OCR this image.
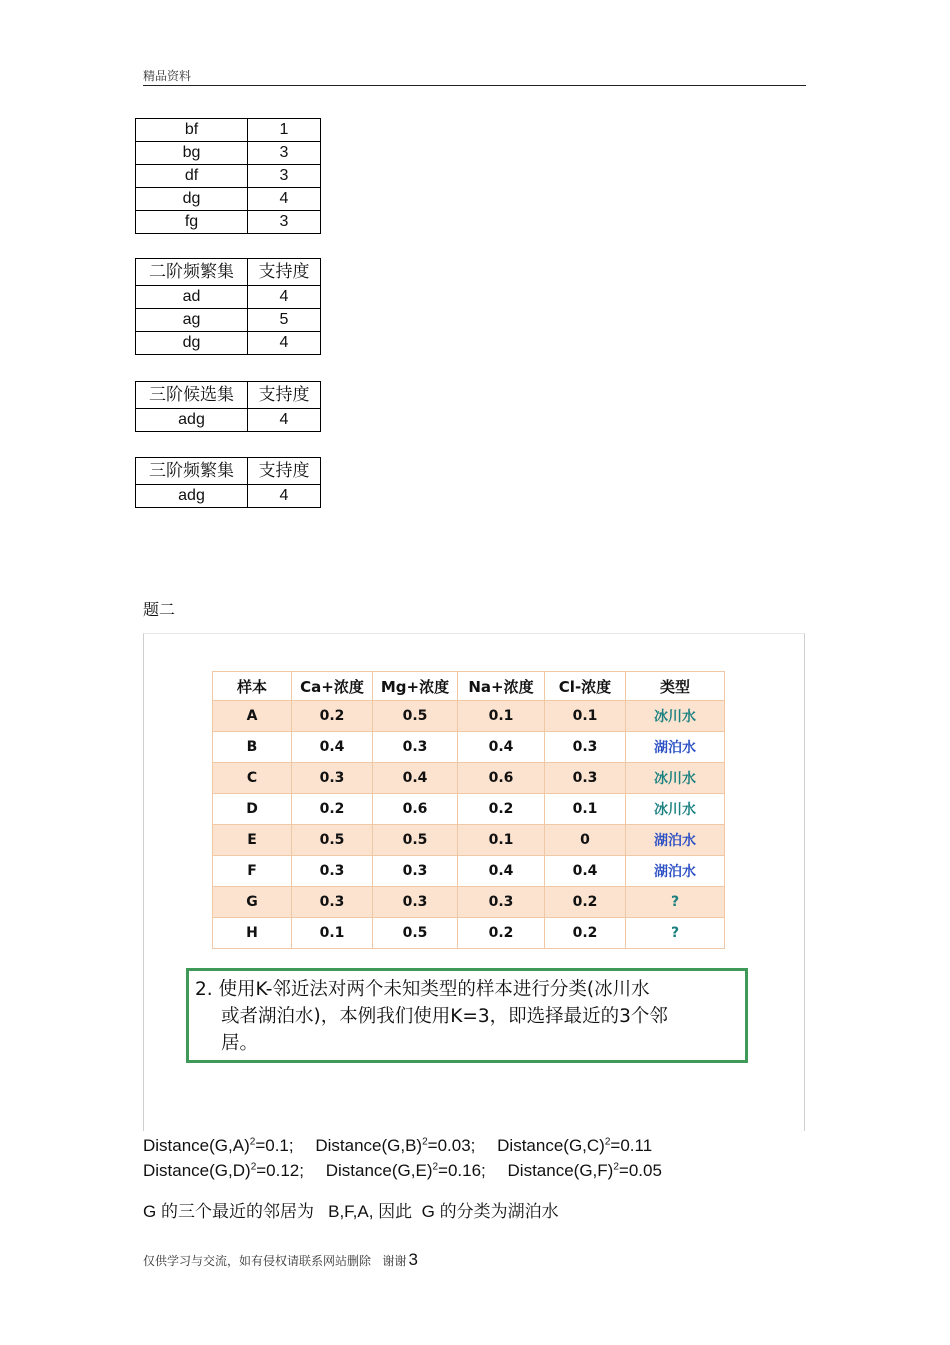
精品资料
bf	1
bg	3
df	3
dg	4
fg	3
二阶频繁集	支持度
ad	4
ag	5
dg	4
三阶候选集	支持度
adg	4
三阶频繁集	支持度
adg	4
题二
样本	Ca+浓度	Mg+浓度	Na+浓度	Cl-浓度	类型
A	0.2	0.5	0.1	0.1	冰川水
B	0.4	0.3	0.4	0.3	湖泊水
C	0.3	0.4	0.6	0.3	冰川水
D	0.2	0.6	0.2	0.1	冰川水
E	0.5	0.5	0.1	0	湖泊水
F	0.3	0.3	0.4	0.4	湖泊水
G	0.3	0.3	0.3	0.2	?
H	0.1	0.5	0.2	0.2	?
2. 使用K-邻近法对两个未知类型的样本进行分类(冰川水
或者湖泊水)，本例我们使用K=3，即选择最近的3个邻
居。
$Distance(G,A)^2=0.1$; $Distance(G,B)^2=0.03$; $Distance(G,C)^2=0.11$
$Distance(G,D)^2=0.12$; $Distance(G,E)^2=0.16$; $Distance(G,F)^2=0.05$
G 的三个最近的邻居为   B,F,A, 因此  G 的分类为湖泊水
仅供学习与交流，如有侵权请联系网站删除   谢谢 3
